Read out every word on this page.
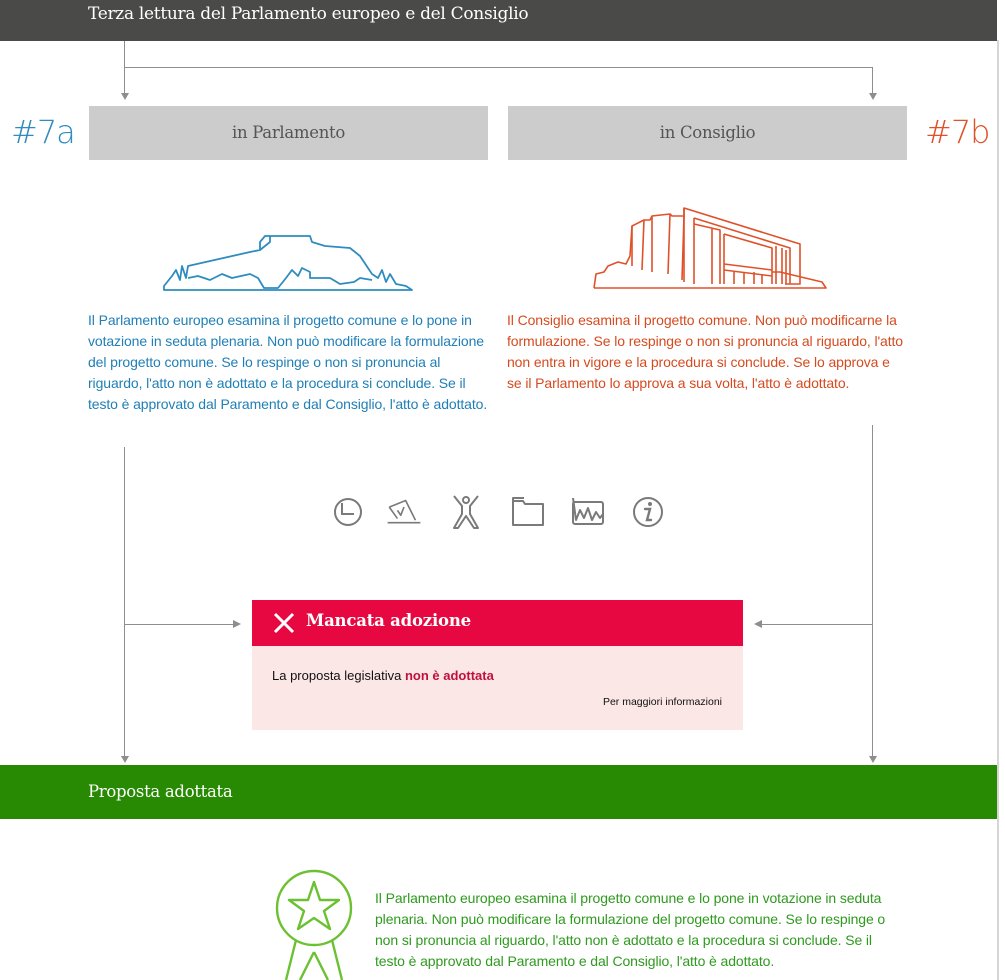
Terza lettura del Parlamento europeo e del Consiglio
#7a	in Parlamento	in Consiglio	#7b
Il Parlamento europeo esamina il progetto comune e lo pone in votazione in seduta plenaria. Non può modificare la formulazione del progetto comune. Se lo respinge o non si pronuncia al riguardo, l'atto non è adottato e la procedura si conclude. Se il testo è approvato dal Paramento e dal Consiglio, l'atto è adottato.
Il Consiglio esamina il progetto comune. Non può modificarne la formulazione. Se lo respinge o non si pronuncia al riguardo, l'atto non entra in vigore e la procedura si conclude. Se lo approva e se il Parlamento lo approva a sua volta, l'atto è adottato.
Mancata adozione
La proposta legislativa non è adottata
Per maggiori informazioni
Proposta adottata
Il Parlamento europeo esamina il progetto comune e lo pone in votazione in seduta plenaria. Non può modificare la formulazione del progetto comune. Se lo respinge o non si pronuncia al riguardo, l'atto non è adottato e la procedura si conclude. Se il testo è approvato dal Paramento e dal Consiglio, l'atto è adottato.
